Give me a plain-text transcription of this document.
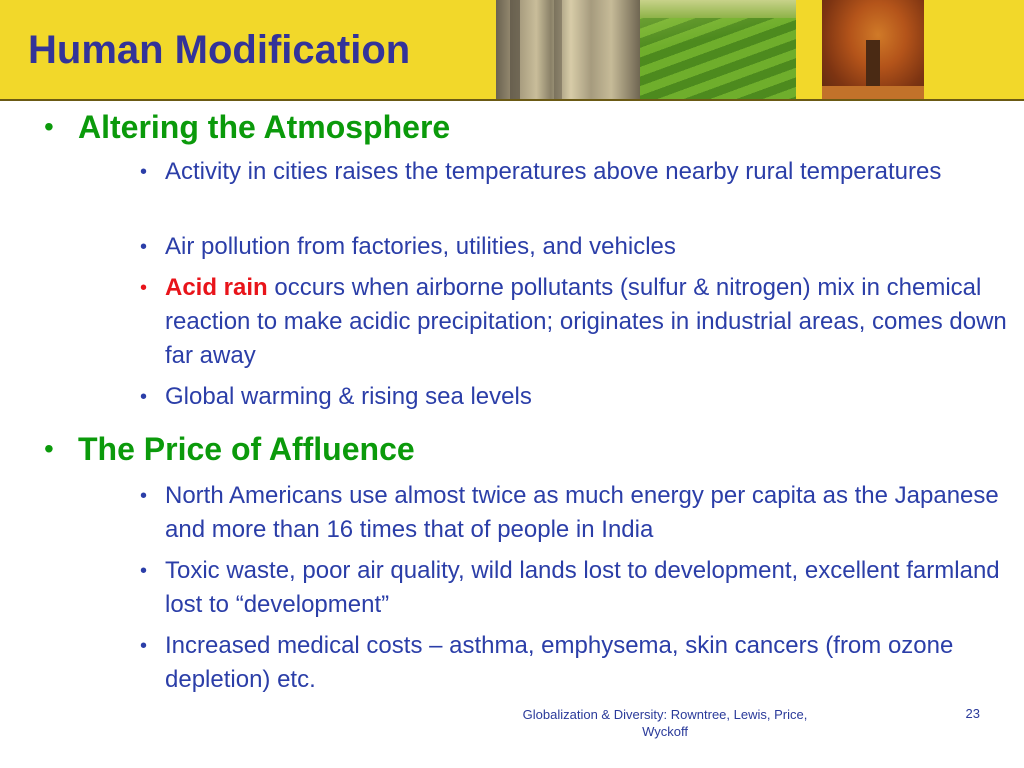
Human Modification
• Altering the Atmosphere
• Activity in cities raises the temperatures above nearby rural temperatures
• Air pollution from factories, utilities, and vehicles
• Acid rain occurs when airborne pollutants (sulfur & nitrogen) mix in chemical reaction to make acidic precipitation; originates in industrial areas, comes down far away
• Global warming & rising sea levels
• The Price of Affluence
• North Americans use almost twice as much energy per capita as the Japanese and more than 16 times that of people in India
• Toxic waste, poor air quality, wild lands lost to development, excellent farmland lost to “development”
• Increased medical costs – asthma, emphysema, skin cancers (from ozone depletion) etc.
Globalization & Diversity: Rowntree, Lewis, Price, Wyckoff
23
